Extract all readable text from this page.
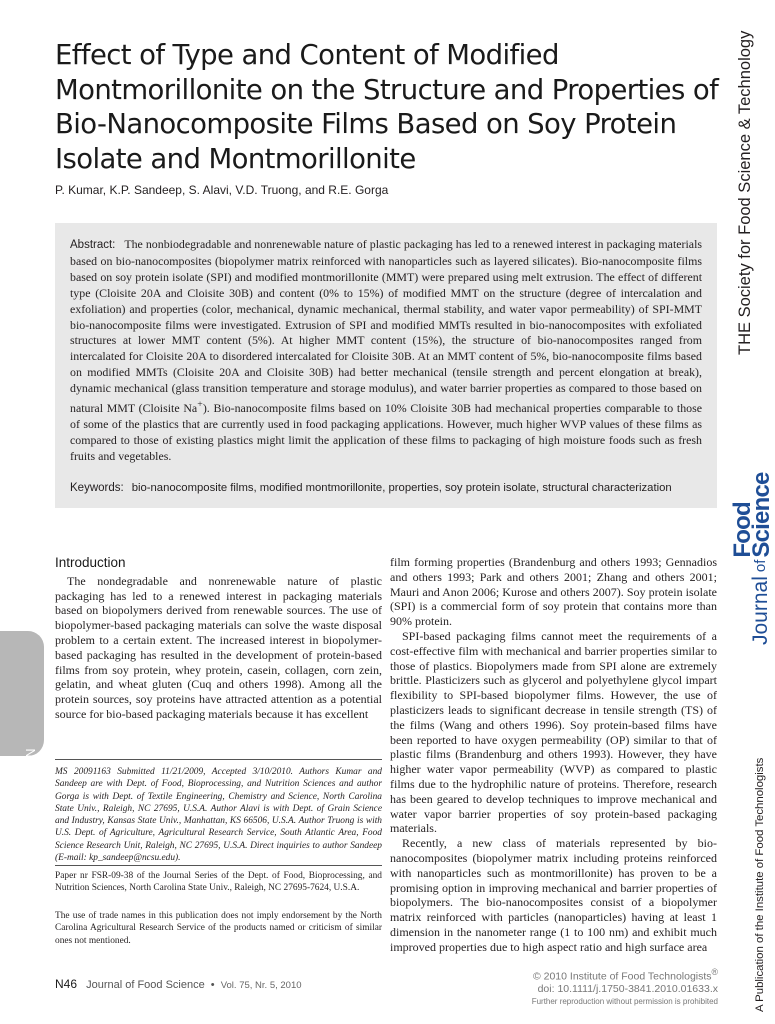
Effect of Type and Content of Modified Montmorillonite on the Structure and Properties of Bio-Nanocomposite Films Based on Soy Protein Isolate and Montmorillonite
P. Kumar, K.P. Sandeep, S. Alavi, V.D. Truong, and R.E. Gorga

Abstract: The nonbiodegradable and nonrenewable nature of plastic packaging has led to a renewed interest in packaging materials based on bio-nanocomposites (biopolymer matrix reinforced with nanoparticles such as layered silicates). Bio-nanocomposite films based on soy protein isolate (SPI) and modified montmorillonite (MMT) were prepared using melt extrusion. The effect of different type (Cloisite 20A and Cloisite 30B) and content (0% to 15%) of modified MMT on the structure (degree of intercalation and exfoliation) and properties (color, mechanical, dynamic mechanical, thermal stability, and water vapor permeability) of SPI-MMT bio-nanocomposite films were investigated. Extrusion of SPI and modified MMTs resulted in bio-nanocomposites with exfoliated structures at lower MMT content (5%). At higher MMT content (15%), the structure of bio-nanocomposites ranged from intercalated for Cloisite 20A to disordered intercalated for Cloisite 30B. At an MMT content of 5%, bio-nanocomposite films based on modified MMTs (Cloisite 20A and Cloisite 30B) had better mechanical (tensile strength and percent elongation at break), dynamic mechanical (glass transition temperature and storage modulus), and water barrier properties as compared to those based on natural MMT (Cloisite Na+). Bio-nanocomposite films based on 10% Cloisite 30B had mechanical properties comparable to those of some of the plastics that are currently used in food packaging applications. However, much higher WVP values of these films as compared to those of existing plastics might limit the application of these films to packaging of high moisture foods such as fresh fruits and vegetables.

Keywords: bio-nanocomposite films, modified montmorillonite, properties, soy protein isolate, structural characterization

Introduction

The nondegradable and nonrenewable nature of plastic packaging has led to a renewed interest in packaging materials based on biopolymers derived from renewable sources. The use of biopolymer-based packaging materials can solve the waste disposal problem to a certain extent. The increased interest in biopolymer-based packaging has resulted in the development of protein-based films from soy protein, whey protein, casein, collagen, corn zein, gelatin, and wheat gluten (Cuq and others 1998). Among all the protein sources, soy proteins have attracted attention as a potential source for bio-based packaging materials because it has excellent

MS 20091163 Submitted 11/21/2009, Accepted 3/10/2010. Authors Kumar and Sandeep are with Dept. of Food, Bioprocessing, and Nutrition Sciences and author Gorga is with Dept. of Textile Engineering, Chemistry and Science, North Carolina State Univ., Raleigh, NC 27695, U.S.A. Author Alavi is with Dept. of Grain Science and Industry, Kansas State Univ., Manhattan, KS 66506, U.S.A. Author Truong is with U.S. Dept. of Agriculture, Agricultural Research Service, South Atlantic Area, Food Science Research Unit, Raleigh, NC 27695, U.S.A. Direct inquiries to author Sandeep (E-mail: kp_sandeep@ncsu.edu).

Paper nr FSR-09-38 of the Journal Series of the Dept. of Food, Bioprocessing, and Nutrition Sciences, North Carolina State Univ., Raleigh, NC 27695-7624, U.S.A.

The use of trade names in this publication does not imply endorsement by the North Carolina Agricultural Research Service of the products named or criticism of similar ones not mentioned.

film forming properties (Brandenburg and others 1993; Gennadios and others 1993; Park and others 2001; Zhang and others 2001; Mauri and Anon 2006; Kurose and others 2007). Soy protein isolate (SPI) is a commercial form of soy protein that contains more than 90% protein.

SPI-based packaging films cannot meet the requirements of a cost-effective film with mechanical and barrier properties similar to those of plastics. Biopolymers made from SPI alone are extremely brittle. Plasticizers such as glycerol and polyethylene glycol impart flexibility to SPI-based biopolymer films. However, the use of plasticizers leads to significant decrease in tensile strength (TS) of the films (Wang and others 1996). Soy protein-based films have been reported to have oxygen permeability (OP) similar to that of plastic films (Brandenburg and others 1993). However, they have higher water vapor permeability (WVP) as compared to plastic films due to the hydrophilic nature of proteins. Therefore, research has been geared to develop techniques to improve mechanical and water vapor barrier properties of soy protein-based packaging materials.

Recently, a new class of materials represented by bio-nanocomposites (biopolymer matrix including proteins reinforced with nanoparticles such as montmorillonite) has proven to be a promising option in improving mechanical and barrier properties of biopolymers. The bio-nanocomposites consist of a biopolymer matrix reinforced with particles (nanoparticles) having at least 1 dimension in the nanometer range (1 to 100 nm) and exhibit much improved properties due to high aspect ratio and high surface area

N46 Journal of Food Science • Vol. 75, Nr. 5, 2010
© 2010 Institute of Food Technologists®
doi: 10.1111/j.1750-3841.2010.01633.x
Further reproduction without permission is prohibited
THE Society for Food Science & Technology
Journal
of
Food
Science
A Publication of the Institute of Food Technologists
N: Nanoscale Food Science
